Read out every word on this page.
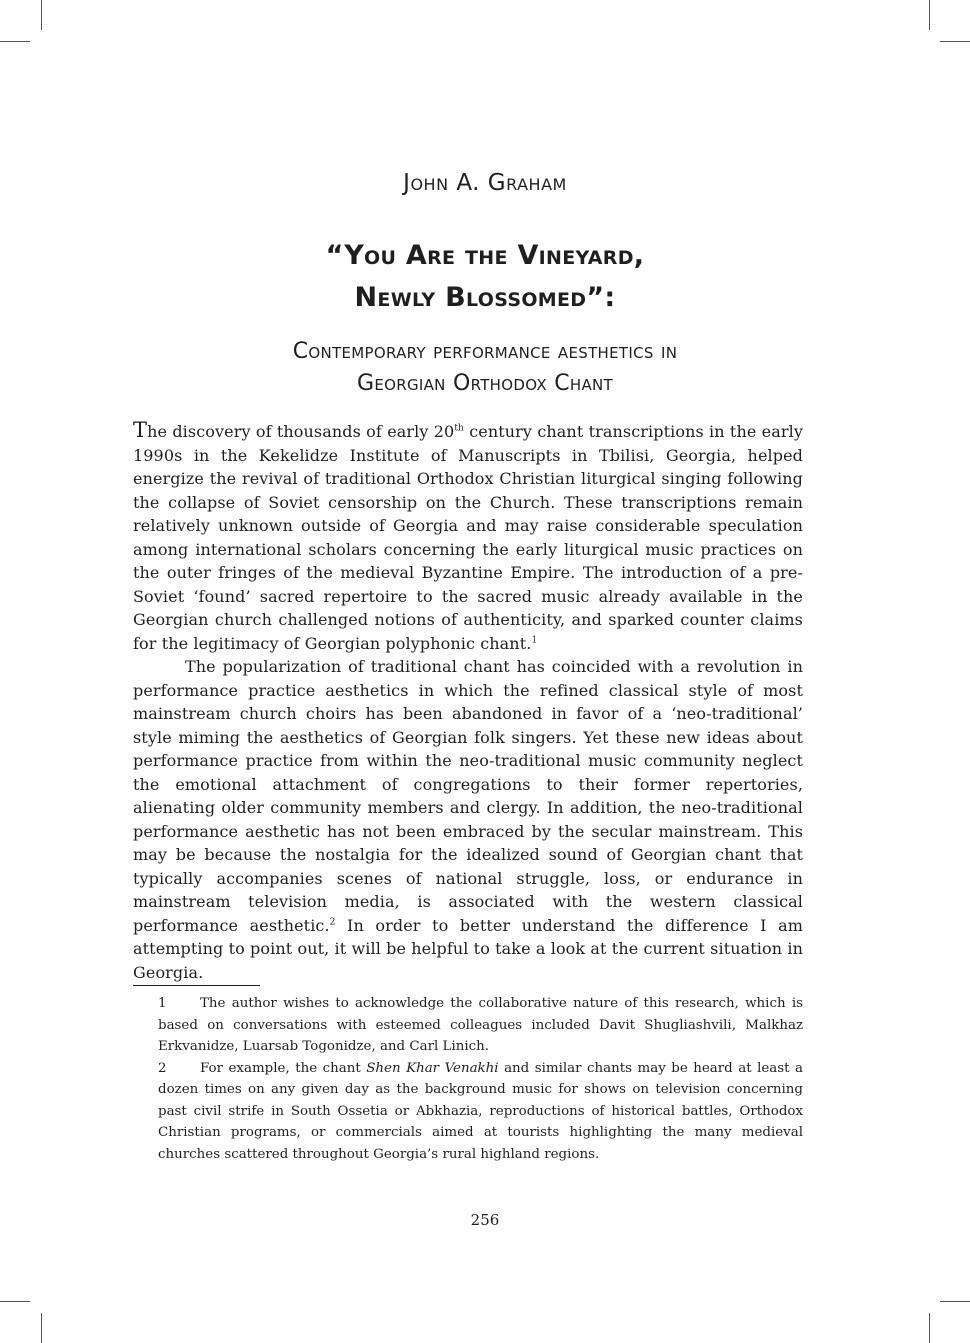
John A. Graham
“You Are the Vineyard,
Newly Blossomed”:
Contemporary performance aesthetics in
Georgian Orthodox Chant

The discovery of thousands of early 20th century chant transcriptions in the early 1990s in the Kekelidze Institute of Manuscripts in Tbilisi, Georgia, helped energize the revival of traditional Orthodox Christian liturgical singing following the collapse of Soviet censorship on the Church. These transcriptions remain relatively unknown outside of Georgia and may raise considerable speculation among international scholars concerning the early liturgical music practices on the outer fringes of the medieval Byzantine Empire. The introduction of a pre-Soviet ‘found’ sacred repertoire to the sacred music already available in the Georgian church challenged notions of authenticity, and sparked counter claims for the legitimacy of Georgian polyphonic chant.$^1$

The popularization of traditional chant has coincided with a revolution in performance practice aesthetics in which the refined classical style of most mainstream church choirs has been abandoned in favor of a ‘neo-traditional’ style miming the aesthetics of Georgian folk singers. Yet these new ideas about performance practice from within the neo-traditional music community neglect the emotional attachment of congregations to their former repertories, alienating older community members and clergy. In addition, the neo-traditional performance aesthetic has not been embraced by the secular mainstream. This may be because the nostalgia for the idealized sound of Georgian chant that typically accompanies scenes of national struggle, loss, or endurance in mainstream television media, is associated with the western classical performance aesthetic.$^2$ In order to better understand the difference I am attempting to point out, it will be helpful to take a look at the current situation in Georgia.

1 The author wishes to acknowledge the collaborative nature of this research, which is based on conversations with esteemed colleagues included Davit Shugliashvili, Malkhaz Erkvanidze, Luarsab Togonidze, and Carl Linich.

2 For example, the chant Shen Khar Venakhi and similar chants may be heard at least a dozen times on any given day as the background music for shows on television concerning past civil strife in South Ossetia or Abkhazia, reproductions of historical battles, Orthodox Christian programs, or commercials aimed at tourists highlighting the many medieval churches scattered throughout Georgia’s rural highland regions.

256
